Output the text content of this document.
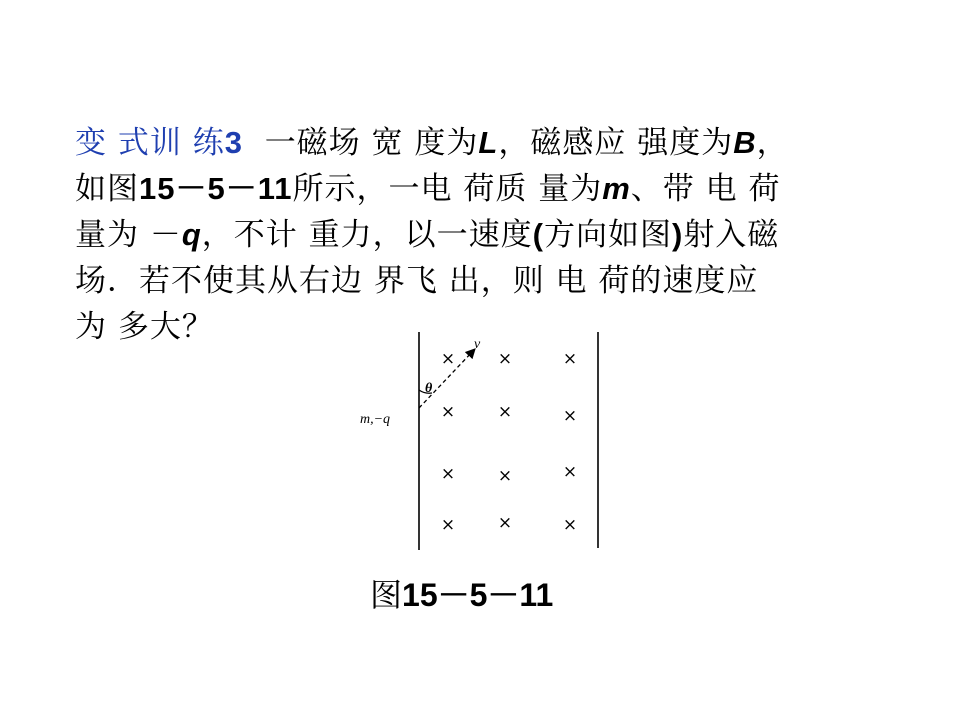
变 式训 练3 一磁场 宽 度为L，磁感应 强度为B，
如图15－5－11所示，一电 荷质 量为m、带 电 荷
量为 －q，不计 重力，以一速度(方向如图)射入磁
场．若不使其从右边 界飞 出，则 电 荷的速度应
为 多大？	v
θ
m,−q
×	×	×
×	×	×
×	×	×
×	×	×
图15－5－11
